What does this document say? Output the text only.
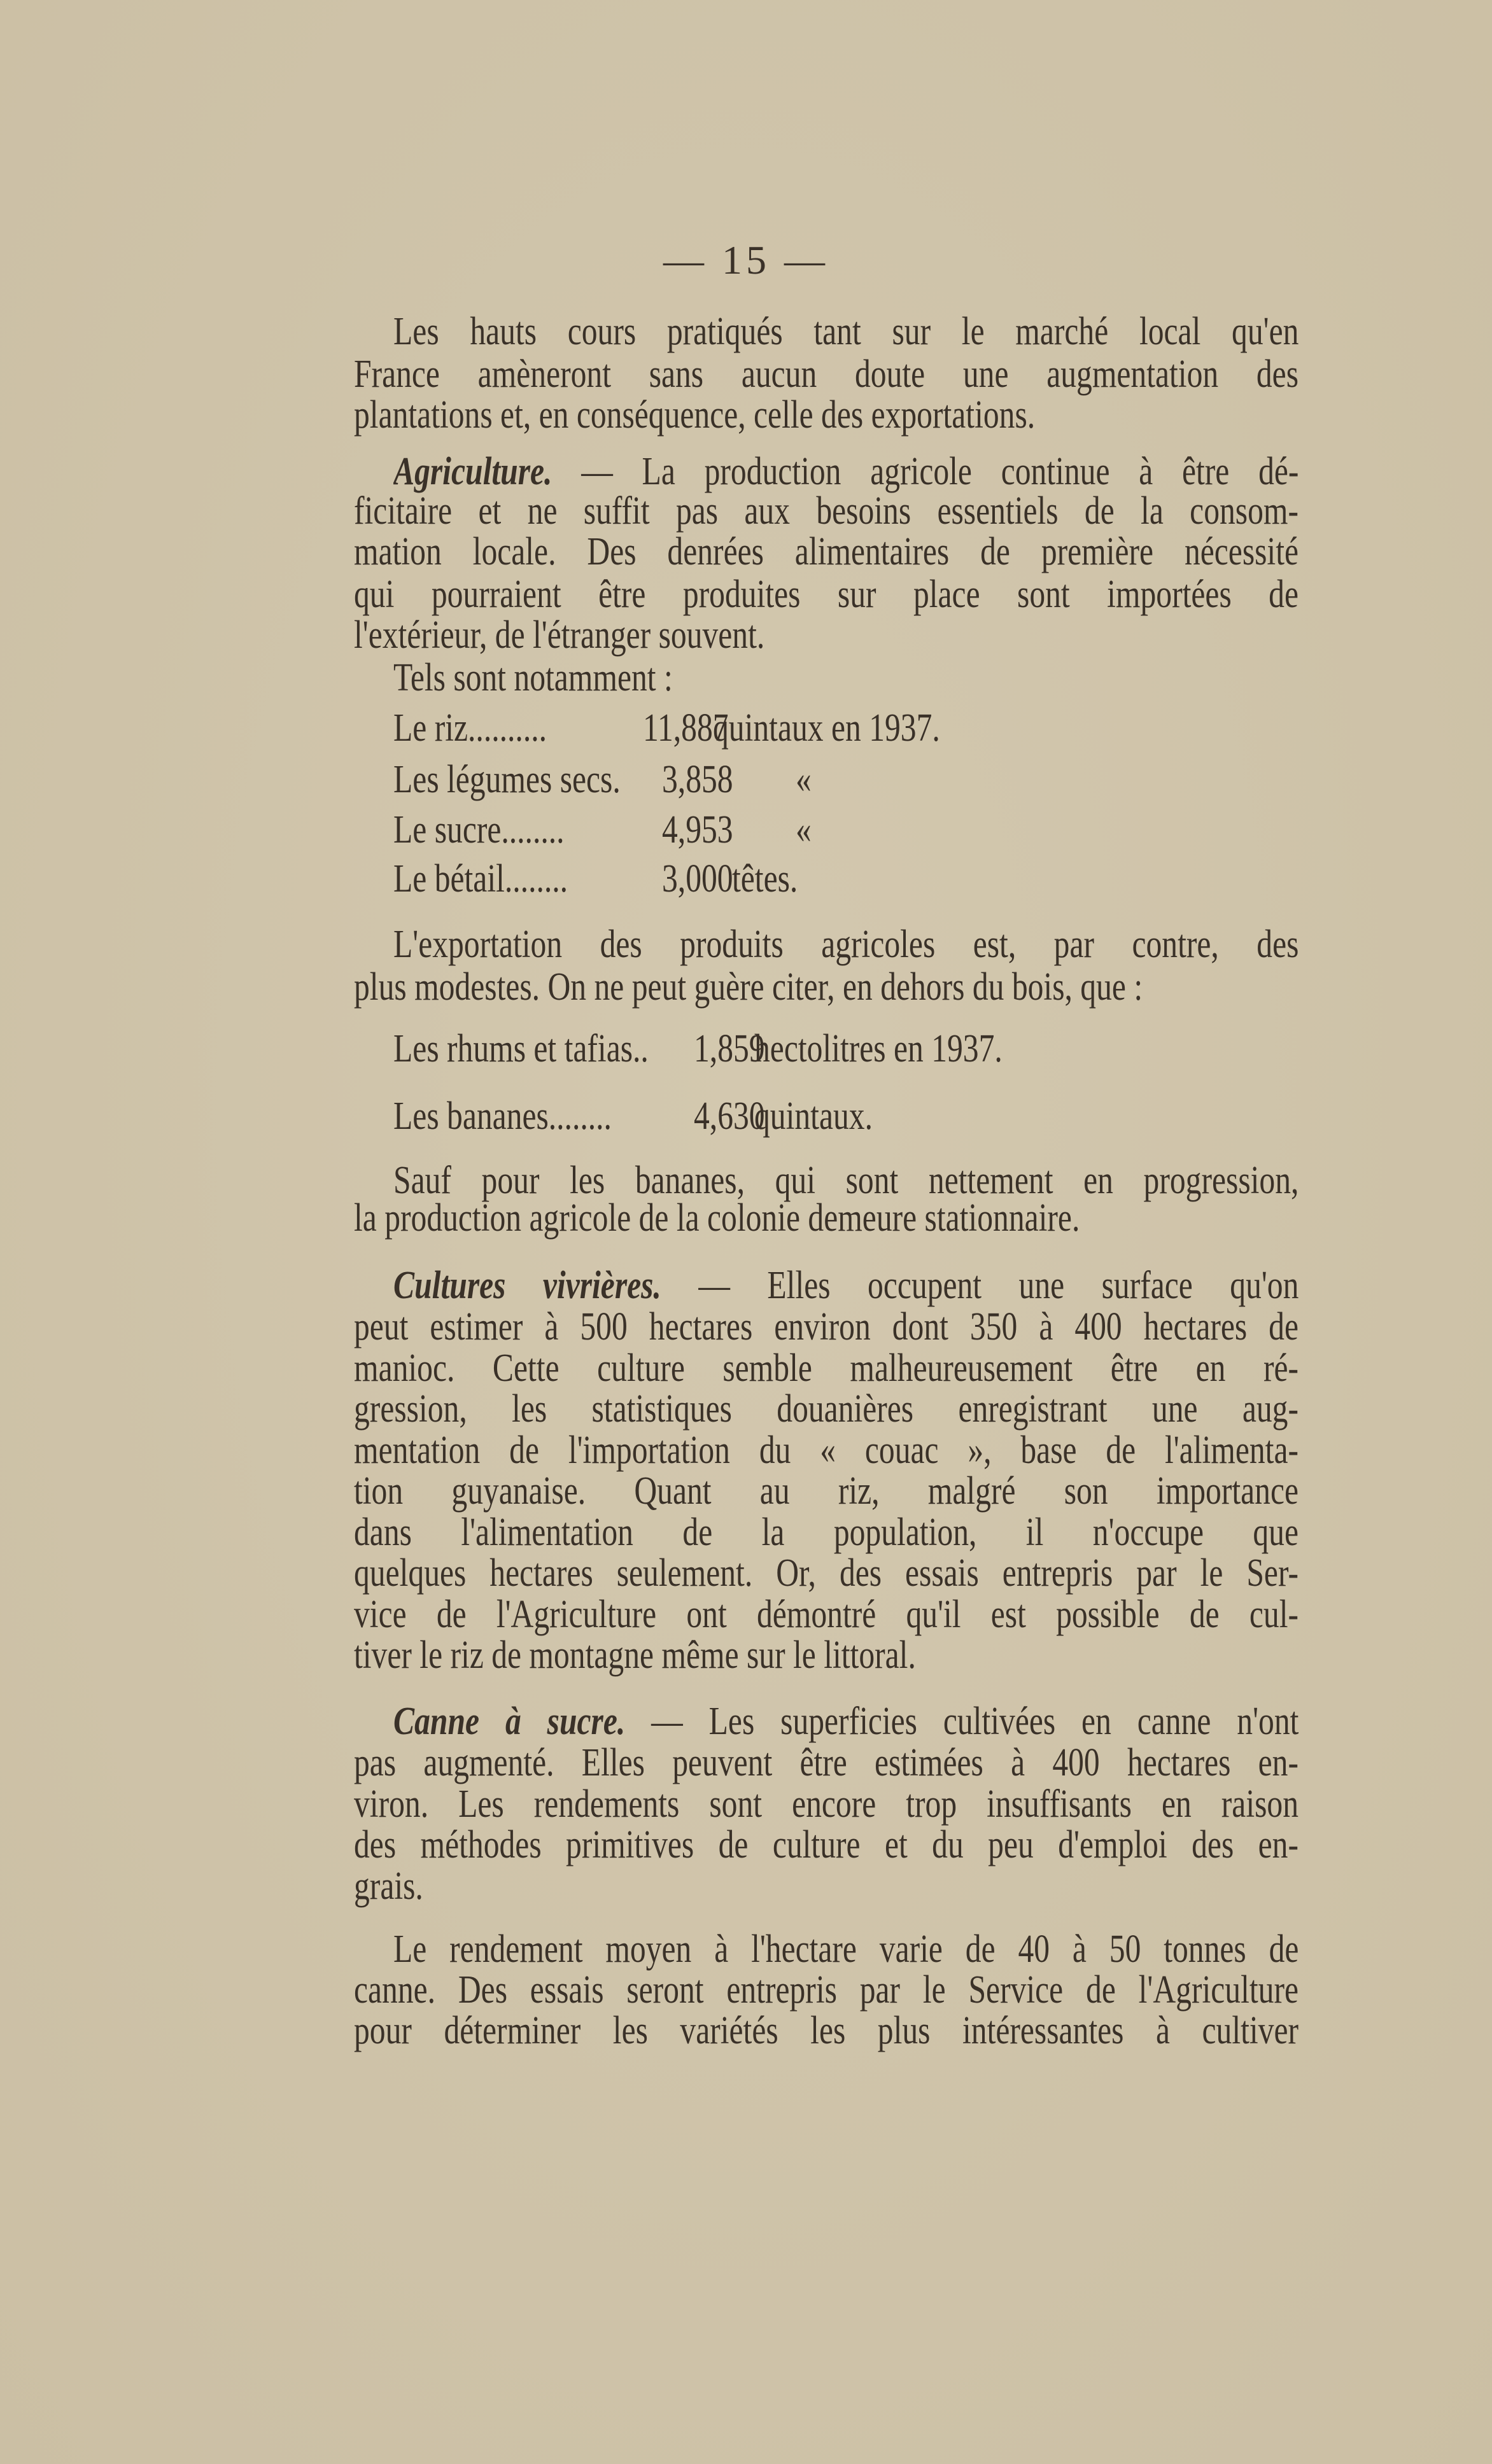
— 15 —
Les hauts cours pratiqués tant sur le marché local qu'en
France amèneront sans aucun doute une augmentation des
plantations et, en conséquence, celle des exportations.
Agriculture. — La production agricole continue à être dé-
ficitaire et ne suffit pas aux besoins essentiels de la consom-
mation locale. Des denrées alimentaires de première nécessité
qui pourraient être produites sur place sont importées de
l'extérieur, de l'étranger souvent.
Tels sont notamment :
Le riz.......... 11,887
quintaux en 1937.
Les légumes secs. 3,858 «
Le sucre........ 4,953 «
Le bétail........ 3,000
têtes.
L'exportation des produits agricoles est, par contre, des
plus modestes. On ne peut guère citer, en dehors du bois, que :
Les rhums et tafias.. 1,859
hectolitres en 1937.
Les bananes........ 4,630
quintaux.
Sauf pour les bananes, qui sont nettement en progression,
la production agricole de la colonie demeure stationnaire.
Cultures vivrières. — Elles occupent une surface qu'on
peut estimer à 500 hectares environ dont 350 à 400 hectares de
manioc. Cette culture semble malheureusement être en ré-
gression, les statistiques douanières enregistrant une aug-
mentation de l'importation du « couac », base de l'alimenta-
tion guyanaise. Quant au riz, malgré son importance
dans l'alimentation de la population, il n'occupe que
quelques hectares seulement. Or, des essais entrepris par le Ser-
vice de l'Agriculture ont démontré qu'il est possible de cul-
tiver le riz de montagne même sur le littoral.
Canne à sucre. — Les superficies cultivées en canne n'ont
pas augmenté. Elles peuvent être estimées à 400 hectares en-
viron. Les rendements sont encore trop insuffisants en raison
des méthodes primitives de culture et du peu d'emploi des en-
grais.
Le rendement moyen à l'hectare varie de 40 à 50 tonnes de
canne. Des essais seront entrepris par le Service de l'Agriculture
pour déterminer les variétés les plus intéressantes à cultiver
